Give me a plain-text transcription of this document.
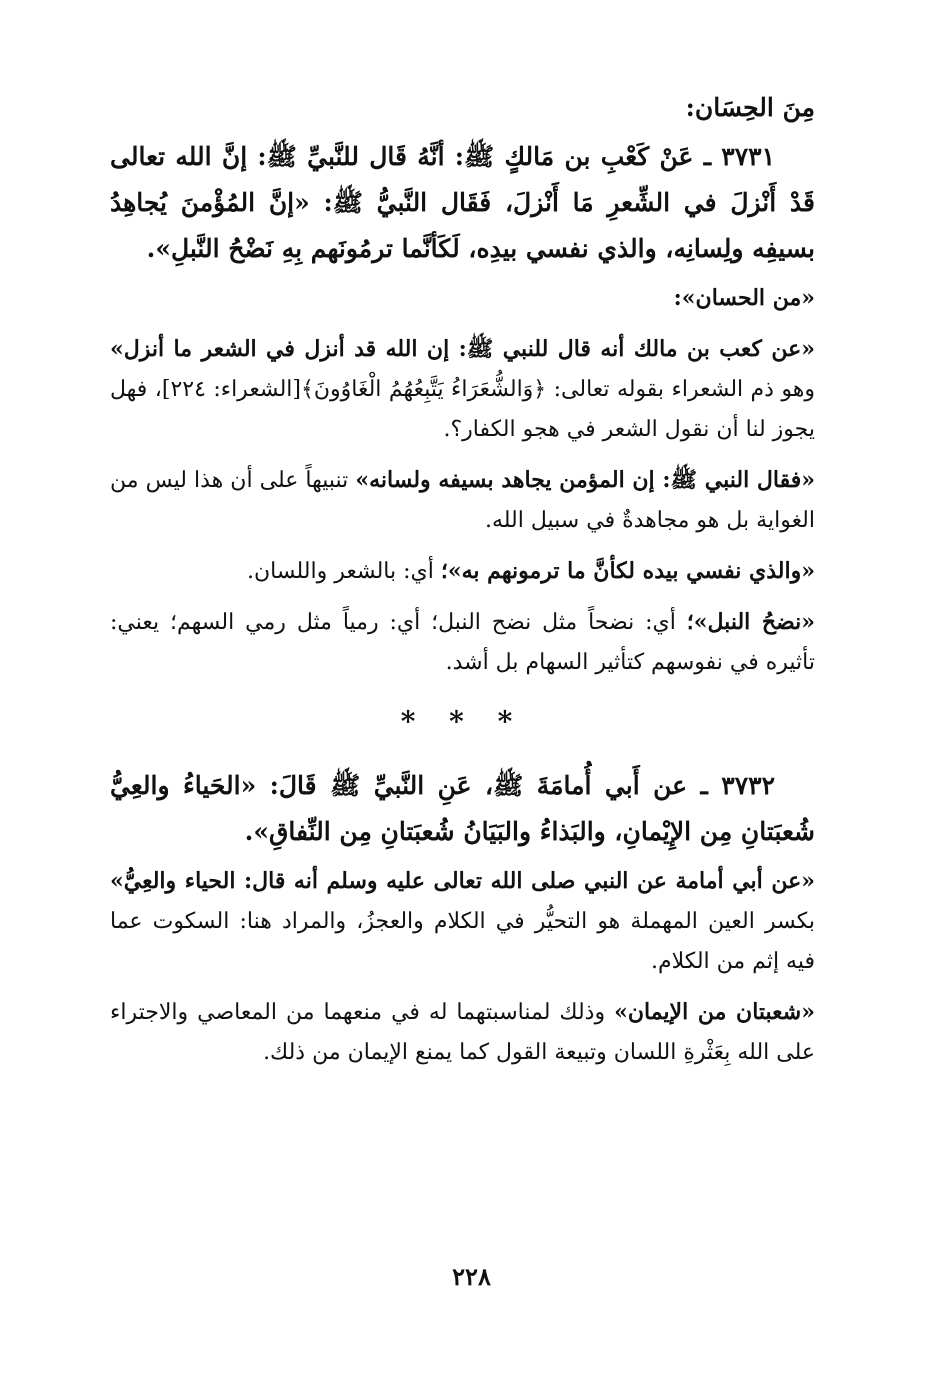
مِنَ الحِسَان:
٣٧٣١ ـ عَنْ كَعْبِ بن مَالكٍ ﷺ: أنَّهُ قَال للنَّبيِّ ﷺ: إنَّ الله تعالى قَدْ أَنْزلَ في الشِّعرِ مَا أَنْزلَ، فَقَال النَّبيُّ ﷺ: «إنَّ المُؤْمنَ يُجاهِدُ بسيفِه ولِسانِه، والذي نفسي بيدِه، لَكَأنَّما ترمُونَهم بِهِ نَضْحُ النَّبلِ».
«من الحسان»:
«عن كعب بن مالك أنه قال للنبي ﷺ: إن الله قد أنزل في الشعر ما أنزل» وهو ذم الشعراء بقوله تعالى: ﴿وَالشُّعَرَاءُ يَتَّبِعُهُمُ الْغَاوُونَ﴾[الشعراء: ٢٢٤]، فهل يجوز لنا أن نقول الشعر في هجو الكفار؟.
«فقال النبي ﷺ: إن المؤمن يجاهد بسيفه ولسانه» تنبيهاً على أن هذا ليس من الغواية بل هو مجاهدةٌ في سبيل الله.
«والذي نفسي بيده لكأنَّ ما ترمونهم به»؛ أي: بالشعر واللسان.
«نضحُ النبل»؛ أي: نضحاً مثل نضح النبل؛ أي: رمياً مثل رمي السهم؛ يعني: تأثيره في نفوسهم كتأثير السهام بل أشد.
* * *
٣٧٣٢ ـ عن أَبي أُمامَةَ ﷺ، عَنِ النَّبيِّ ﷺ قَالَ: «الحَياءُ والعِيُّ شُعبَتانِ مِن الإِيْمانِ، والبَذاءُ والبَيَانُ شُعبَتانِ مِن النِّفاقِ».
«عن أبي أمامة عن النبي صلى الله تعالى عليه وسلم أنه قال: الحياء والعِيُّ» بكسر العين المهملة هو التحيُّر في الكلام والعجزُ، والمراد هنا: السكوت عما فيه إثم من الكلام.
«شعبتان من الإيمان» وذلك لمناسبتهما له في منعهما من المعاصي والاجتراء على الله بِعَثْرةِ اللسان وتبيعة القول كما يمنع الإيمان من ذلك.
٢٢٨
